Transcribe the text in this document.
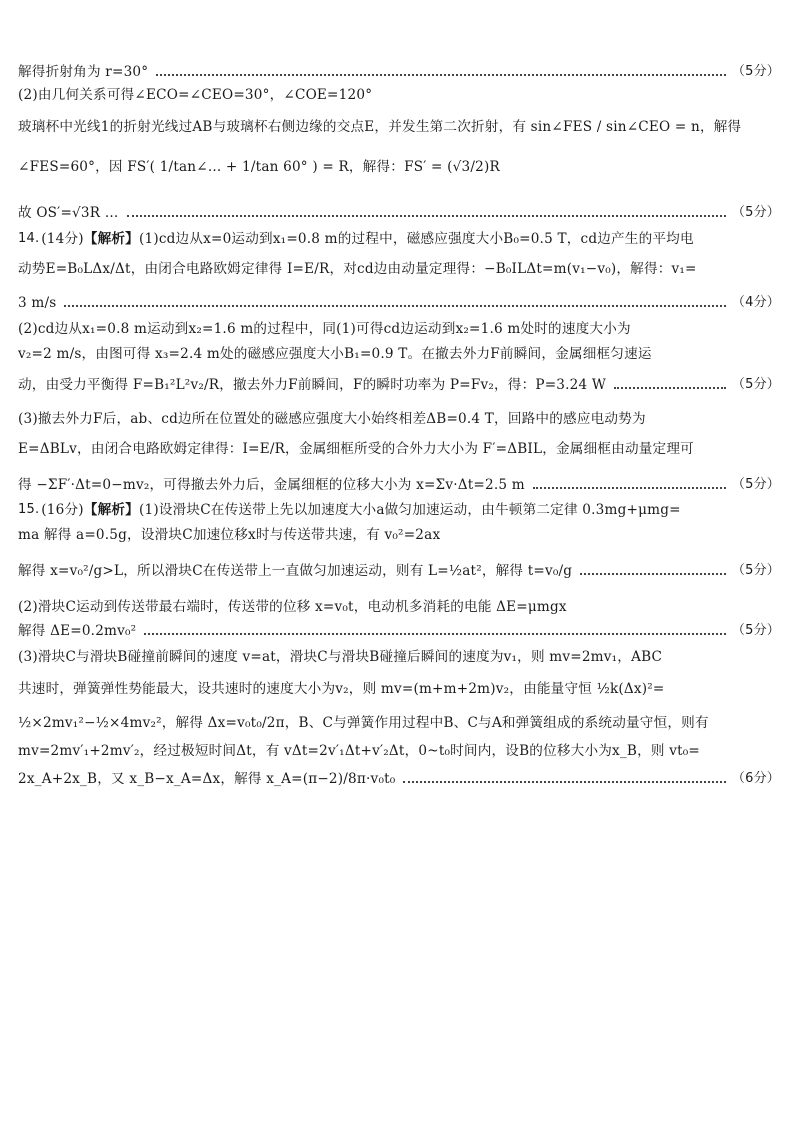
解得折射角为 r=30°	（5分）
(2)由几何关系可得∠ECO=∠CEO=30°，∠COE=120°
玻璃杯中光线1的折射光线过AB与玻璃杯右侧边缘的交点E，并发生第二次折射，有 sin∠FES / sin∠CEO = n，解得
∠FES=60°，因 FS′( 1/tan∠... + 1/tan 60° ) = R，解得：FS′ = (√3/2)R
故 OS′=√3R …	（5分）
14. (14分) 【解析】 (1)cd边从x=0运动到x₁=0.8 m的过程中，磁感应强度大小B₀=0.5 T，cd边产生的平均电
动势E=B₀LΔx/Δt，由闭合电路欧姆定律得 I=E/R，对cd边由动量定理得：−B₀ILΔt=m(v₁−v₀)，解得：v₁=
3 m/s	（4分）
(2)cd边从x₁=0.8 m运动到x₂=1.6 m的过程中，同(1)可得cd边运动到x₂=1.6 m处时的速度大小为
v₂=2 m/s，由图可得 x₃=2.4 m处的磁感应强度大小B₁=0.9 T。在撤去外力F前瞬间，金属细框匀速运
动，由受力平衡得 F=B₁²L²v₂/R，撤去外力F前瞬间，F的瞬时功率为 P=Fv₂，得：P=3.24 W	（5分）
(3)撤去外力F后，ab、cd边所在位置处的磁感应强度大小始终相差ΔB=0.4 T，回路中的感应电动势为
E=ΔBLv，由闭合电路欧姆定律得：I=E/R，金属细框所受的合外力大小为 F′=ΔBIL，金属细框由动量定理可
得 −ΣF′·Δt=0−mv₂，可得撤去外力后，金属细框的位移大小为 x=Σv·Δt=2.5 m	（5分）
15. (16分) 【解析】 (1)设滑块C在传送带上先以加速度大小a做匀加速运动，由牛顿第二定律 0.3mg+μmg=
ma 解得 a=0.5g，设滑块C加速位移x时与传送带共速，有 v₀²=2ax
解得 x=v₀²/g>L，所以滑块C在传送带上一直做匀加速运动，则有 L=½at²，解得 t=v₀/g	（5分）
(2)滑块C运动到传送带最右端时，传送带的位移 x=v₀t，电动机多消耗的电能 ΔE=μmgx
解得 ΔE=0.2mv₀²	（5分）
(3)滑块C与滑块B碰撞前瞬间的速度 v=at，滑块C与滑块B碰撞后瞬间的速度为v₁，则 mv=2mv₁，ABC
共速时，弹簧弹性势能最大，设共速时的速度大小为v₂，则 mv=(m+m+2m)v₂，由能量守恒 ½k(Δx)²=
½×2mv₁²−½×4mv₂²，解得 Δx=v₀t₀/2π，B、C与弹簧作用过程中B、C与A和弹簧组成的系统动量守恒，则有
mv=2mv′₁+2mv′₂，经过极短时间Δt，有 vΔt=2v′₁Δt+v′₂Δt，0~t₀时间内，设B的位移大小为x_B，则 vt₀=
2x_A+2x_B，又 x_B−x_A=Δx，解得 x_A=(π−2)/8π·v₀t₀	（6分）
